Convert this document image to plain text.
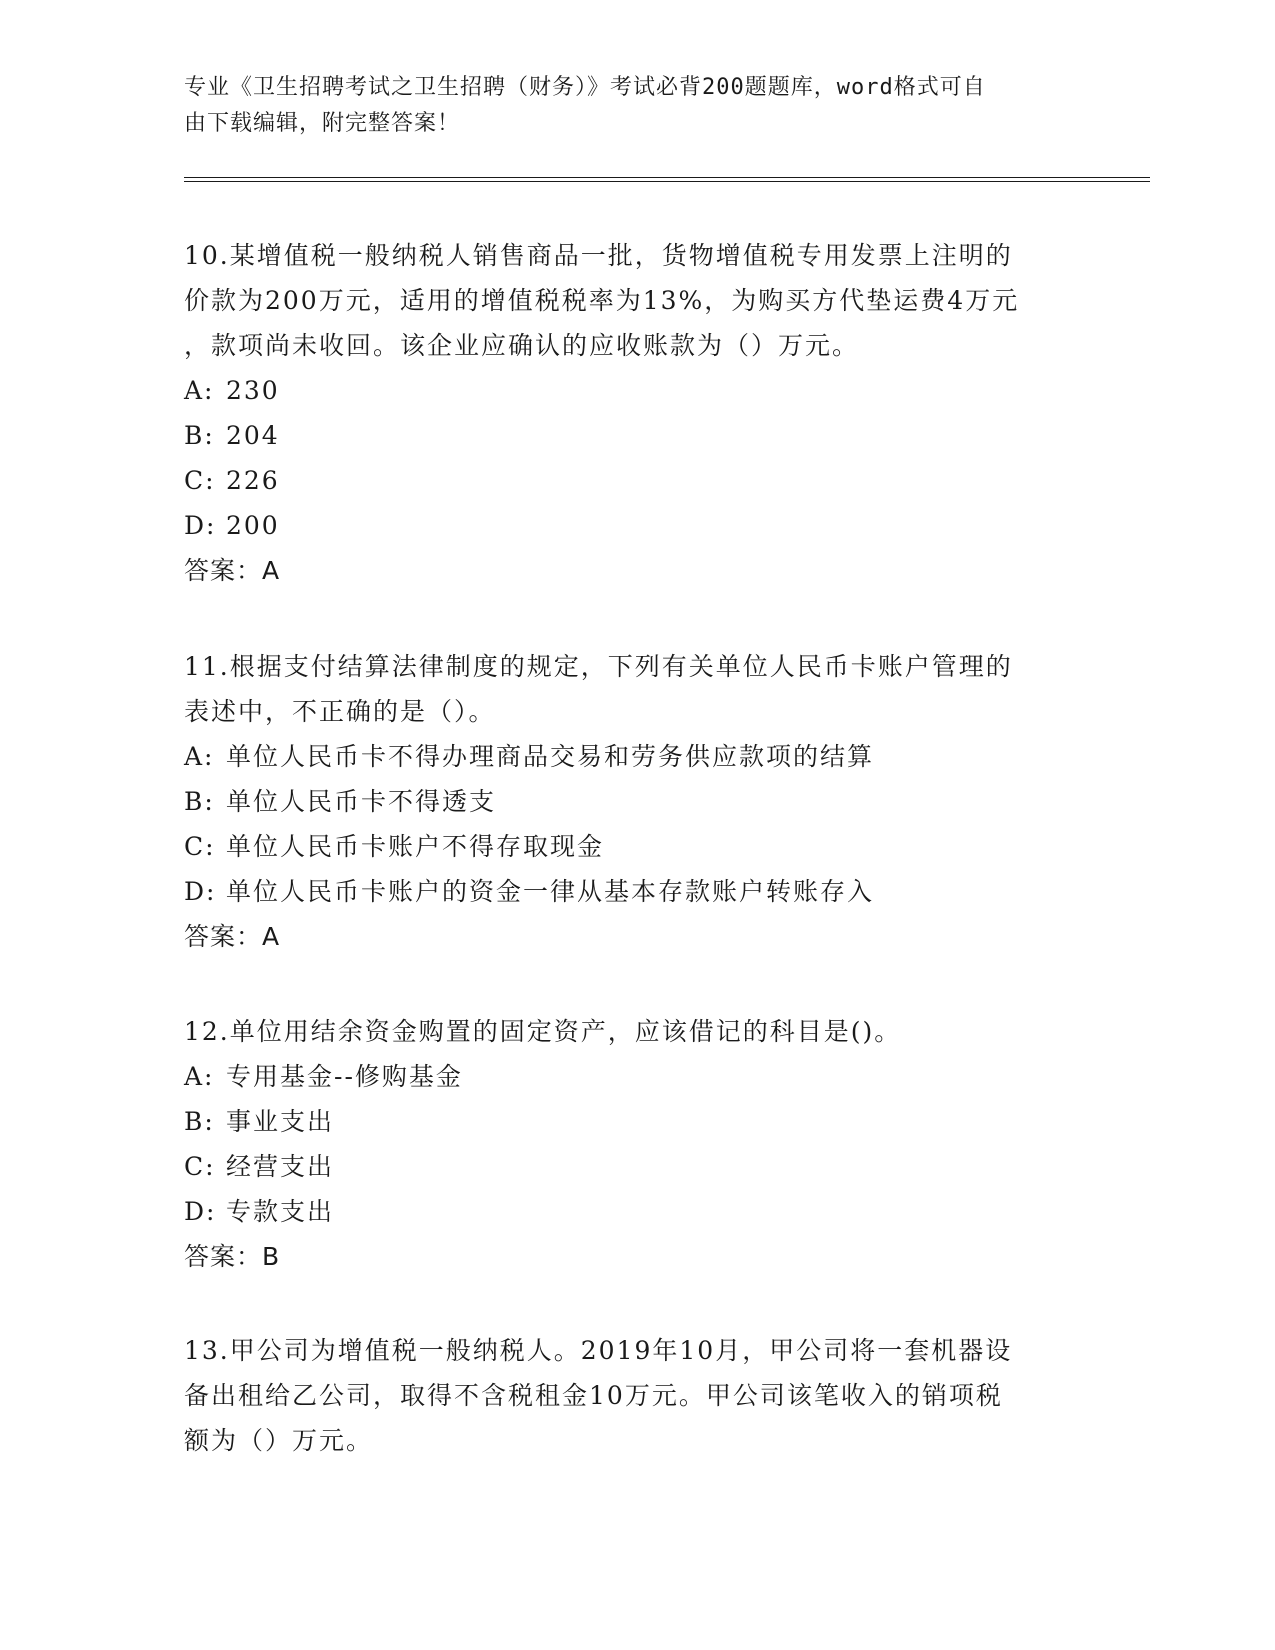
专业《卫生招聘考试之卫生招聘（财务）》考试必背200题题库，word格式可自
由下载编辑，附完整答案！

10.某增值税一般纳税人销售商品一批，货物增值税专用发票上注明的

价款为200万元，适用的增值税税率为13%，为购买方代垫运费4万元

，款项尚未收回。该企业应确认的应收账款为（）万元。

A: 230

B: 204

C: 226

D: 200

答案：A

11.根据支付结算法律制度的规定，下列有关单位人民币卡账户管理的

表述中，不正确的是（）。

A: 单位人民币卡不得办理商品交易和劳务供应款项的结算

B: 单位人民币卡不得透支

C: 单位人民币卡账户不得存取现金

D: 单位人民币卡账户的资金一律从基本存款账户转账存入

答案：A

12.单位用结余资金购置的固定资产，应该借记的科目是()。

A: 专用基金--修购基金

B: 事业支出

C: 经营支出

D: 专款支出

答案：B

13.甲公司为增值税一般纳税人。2019年10月，甲公司将一套机器设

备出租给乙公司，取得不含税租金10万元。甲公司该笔收入的销项税

额为（）万元。
